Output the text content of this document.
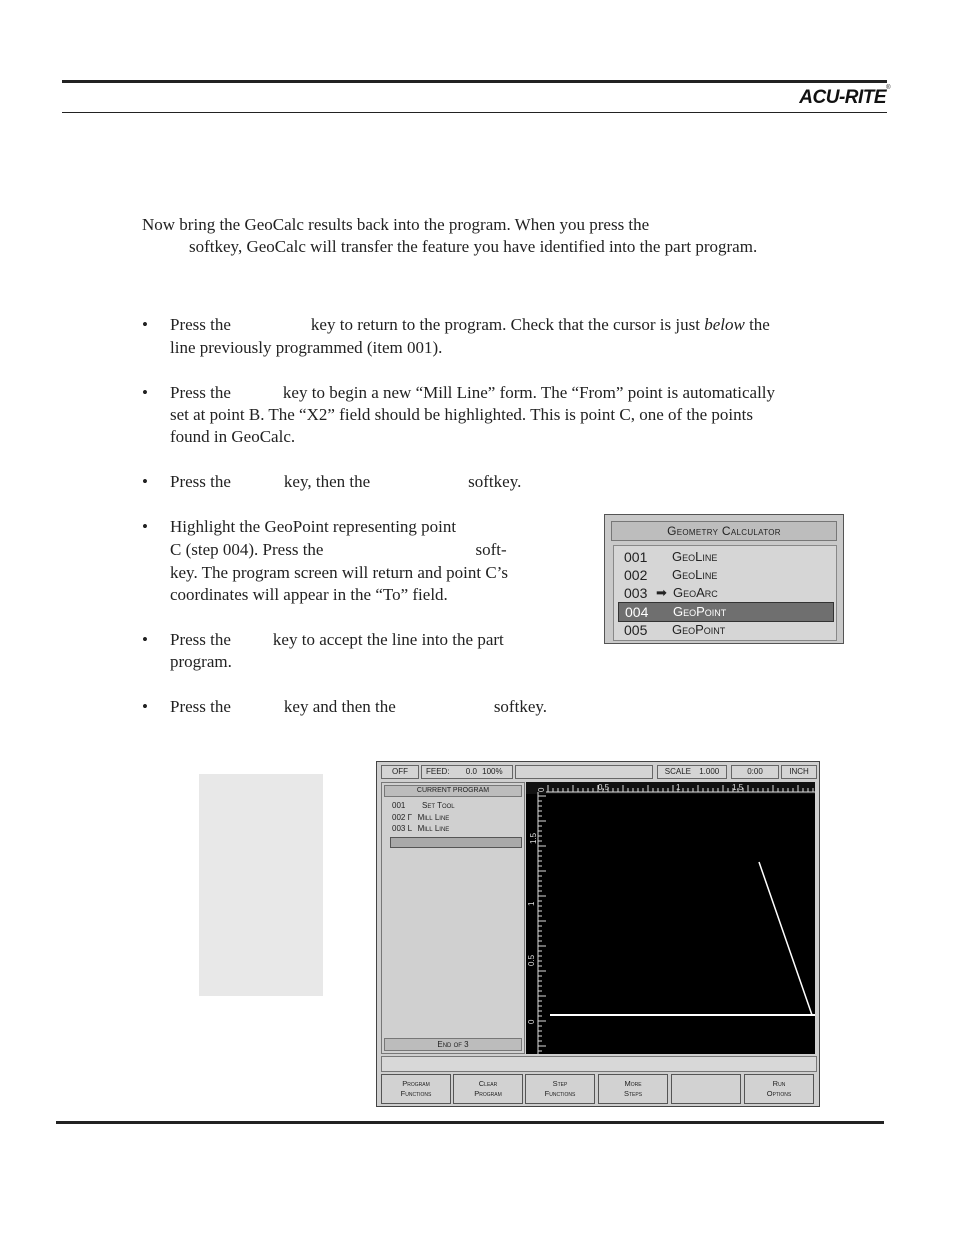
ACU-RITE®
Now bring the GeoCalc results back into the program. When you press the
softkey, GeoCalc will transfer the feature you have identified into the part program.
• Press the	key to return to the program. Check that the cursor is just below the
line previously programmed (item 001).
• Press the	key to begin a new “Mill Line” form. The “From” point is automatically
set at point B. The “X2” field should be highlighted. This is point C, one of the points
found in GeoCalc.
• Press the	key, then the	softkey.
• Highlight the GeoPoint representing point
C (step 004). Press the	soft-
key. The program screen will return and point C’s
coordinates will appear in the “To” field.
• Press the key to accept the line into the part
program.
• Press the	key and then the	softkey.
Geometry Calculator
001 GeoLine
002 GeoLine
003 ➡ GeoArc
004 GeoPoint
005 GeoPoint
OFF	FEED: 0.0 100%	SCALE 1.000	0:00	INCH
CURRENT PROGRAM
001 Set Tool
002 Γ Mill Line
003 L Mill Line
End of 3
0	0.5	1	1.5
1.5
1
0.5
0
Program
Functions
Clear
Program
Step
Functions
More
Steps
Run
Options
